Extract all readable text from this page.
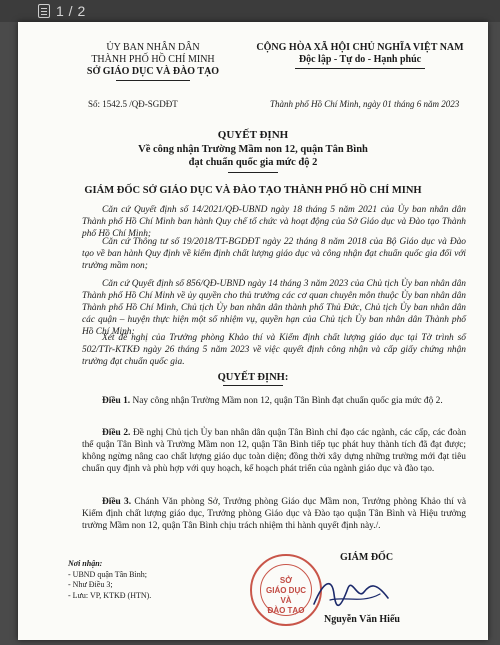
1 / 2
ỦY BAN NHÂN DÂN
THÀNH PHỐ HỒ CHÍ MINH
SỞ GIÁO DỤC VÀ ĐÀO TẠO
CỘNG HÒA XÃ HỘI CHỦ NGHĨA VIỆT NAM
Độc lập - Tự do - Hạnh phúc
Số: 1542.5 /QĐ-SGDĐT	Thành phố Hồ Chí Minh, ngày 01 tháng 6 năm 2023
QUYẾT ĐỊNH
Về công nhận Trường Mầm non 12, quận Tân Bình
đạt chuẩn quốc gia mức độ 2
GIÁM ĐỐC SỞ GIÁO DỤC VÀ ĐÀO TẠO THÀNH PHỐ HỒ CHÍ MINH
Căn cứ Quyết định số 14/2021/QĐ-UBND ngày 18 tháng 5 năm 2021 của Ủy ban nhân dân Thành phố Hồ Chí Minh ban hành Quy chế tổ chức và hoạt động của Sở Giáo dục và Đào tạo Thành phố Hồ Chí Minh;
Căn cứ Thông tư số 19/2018/TT-BGDĐT ngày 22 tháng 8 năm 2018 của Bộ Giáo dục và Đào tạo về ban hành Quy định về kiểm định chất lượng giáo dục và công nhận đạt chuẩn quốc gia đối với trường mầm non;
Căn cứ Quyết định số 856/QĐ-UBND ngày 14 tháng 3 năm 2023 của Chủ tịch Ủy ban nhân dân Thành phố Hồ Chí Minh về ủy quyền cho thủ trưởng các cơ quan chuyên môn thuộc Ủy ban nhân dân Thành phố Hồ Chí Minh, Chủ tịch Ủy ban nhân dân thành phố Thủ Đức, Chủ tịch Ủy ban nhân dân các quận – huyện thực hiện một số nhiệm vụ, quyền hạn của Chủ tịch Ủy ban nhân dân Thành phố Hồ Chí Minh;
Xét đề nghị của Trưởng phòng Khảo thí và Kiểm định chất lượng giáo dục tại Tờ trình số 502/TTr-KTKĐ ngày 26 tháng 5 năm 2023 về việc quyết định công nhận và cấp giấy chứng nhận trường đạt chuẩn quốc gia.
QUYẾT ĐỊNH:
Điều 1. Nay công nhận Trường Mầm non 12, quận Tân Bình đạt chuẩn quốc gia mức độ 2.
Điều 2. Đề nghị Chủ tịch Ủy ban nhân dân quận Tân Bình chỉ đạo các ngành, các cấp, các đoàn thể quận Tân Bình và Trường Mầm non 12, quận Tân Bình tiếp tục phát huy thành tích đã đạt được; không ngừng nâng cao chất lượng giáo dục toàn diện; đồng thời xây dựng những trường mới đạt tiêu chuẩn quy định và phù hợp với quy hoạch, kế hoạch phát triển của ngành giáo dục và đào tạo.
Điều 3. Chánh Văn phòng Sở, Trưởng phòng Giáo dục Mầm non, Trưởng phòng Khảo thí và Kiểm định chất lượng giáo dục, Trưởng phòng Giáo dục và Đào tạo quận Tân Bình và Hiệu trưởng trường Mầm non 12, quận Tân Bình chịu trách nhiệm thi hành quyết định này./.
Nơi nhận:
- UBND quận Tân Bình;
- Như Điều 3;
- Lưu: VP, KTKĐ (HTN).
SỞ
GIÁO DỤC
VÀ
ĐÀO TẠO
GIÁM ĐỐC
Nguyễn Văn Hiếu
